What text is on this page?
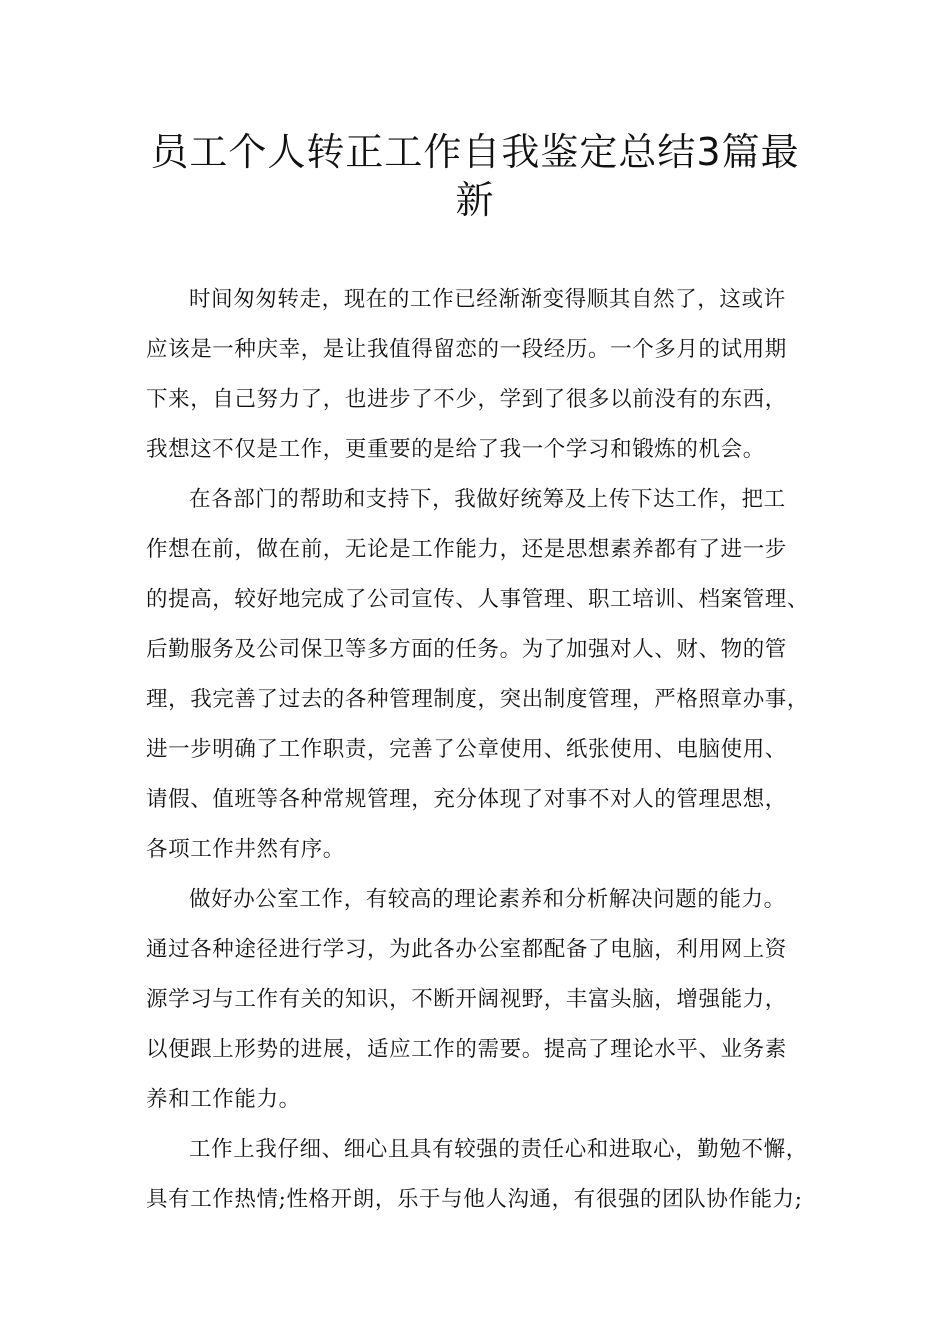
员工个人转正工作自我鉴定总结3篇最
新
时间匆匆转走，现在的工作已经渐渐变得顺其自然了，这或许
应该是一种庆幸，是让我值得留恋的一段经历。一个多月的试用期
下来，自己努力了，也进步了不少，学到了很多以前没有的东西，
我想这不仅是工作，更重要的是给了我一个学习和锻炼的机会。
在各部门的帮助和支持下，我做好统筹及上传下达工作，把工
作想在前，做在前，无论是工作能力，还是思想素养都有了进一步
的提高，较好地完成了公司宣传、人事管理、职工培训、档案管理、
后勤服务及公司保卫等多方面的任务。为了加强对人、财、物的管
理，我完善了过去的各种管理制度，突出制度管理，严格照章办事，
进一步明确了工作职责，完善了公章使用、纸张使用、电脑使用、
请假、值班等各种常规管理，充分体现了对事不对人的管理思想，
各项工作井然有序。
做好办公室工作，有较高的理论素养和分析解决问题的能力。
通过各种途径进行学习，为此各办公室都配备了电脑，利用网上资
源学习与工作有关的知识，不断开阔视野，丰富头脑，增强能力，
以便跟上形势的进展，适应工作的需要。提高了理论水平、业务素
养和工作能力。
工作上我仔细、细心且具有较强的责任心和进取心，勤勉不懈，
具有工作热情;性格开朗，乐于与他人沟通，有很强的团队协作能力;
